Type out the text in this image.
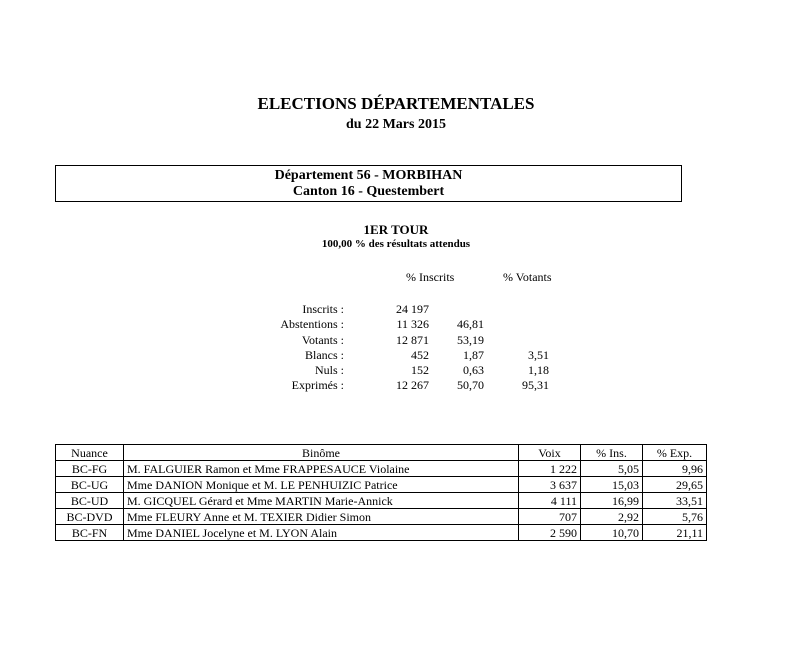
ELECTIONS DÉPARTEMENTALES
du 22 Mars 2015
Département 56 - MORBIHAN
Canton 16 - Questembert
1ER TOUR
100,00 % des résultats attendus
% Inscrits	% Votants
Inscrits :	24 197
Abstentions :	11 326	46,81
Votants :	12 871	53,19
Blancs :	452	1,87	3,51
Nuls :	152	0,63	1,18
Exprimés :	12 267	50,70	95,31
Nuance	Binôme	Voix	% Ins.	% Exp.
BC-FG	M. FALGUIER Ramon et Mme FRAPPESAUCE Violaine	1 222	5,05	9,96
BC-UG	Mme DANION Monique et M. LE PENHUIZIC Patrice	3 637	15,03	29,65
BC-UD	M. GICQUEL Gérard et Mme MARTIN Marie-Annick	4 111	16,99	33,51
BC-DVD	Mme FLEURY Anne et M. TEXIER Didier Simon	707	2,92	5,76
BC-FN	Mme DANIEL Jocelyne et M. LYON Alain	2 590	10,70	21,11
